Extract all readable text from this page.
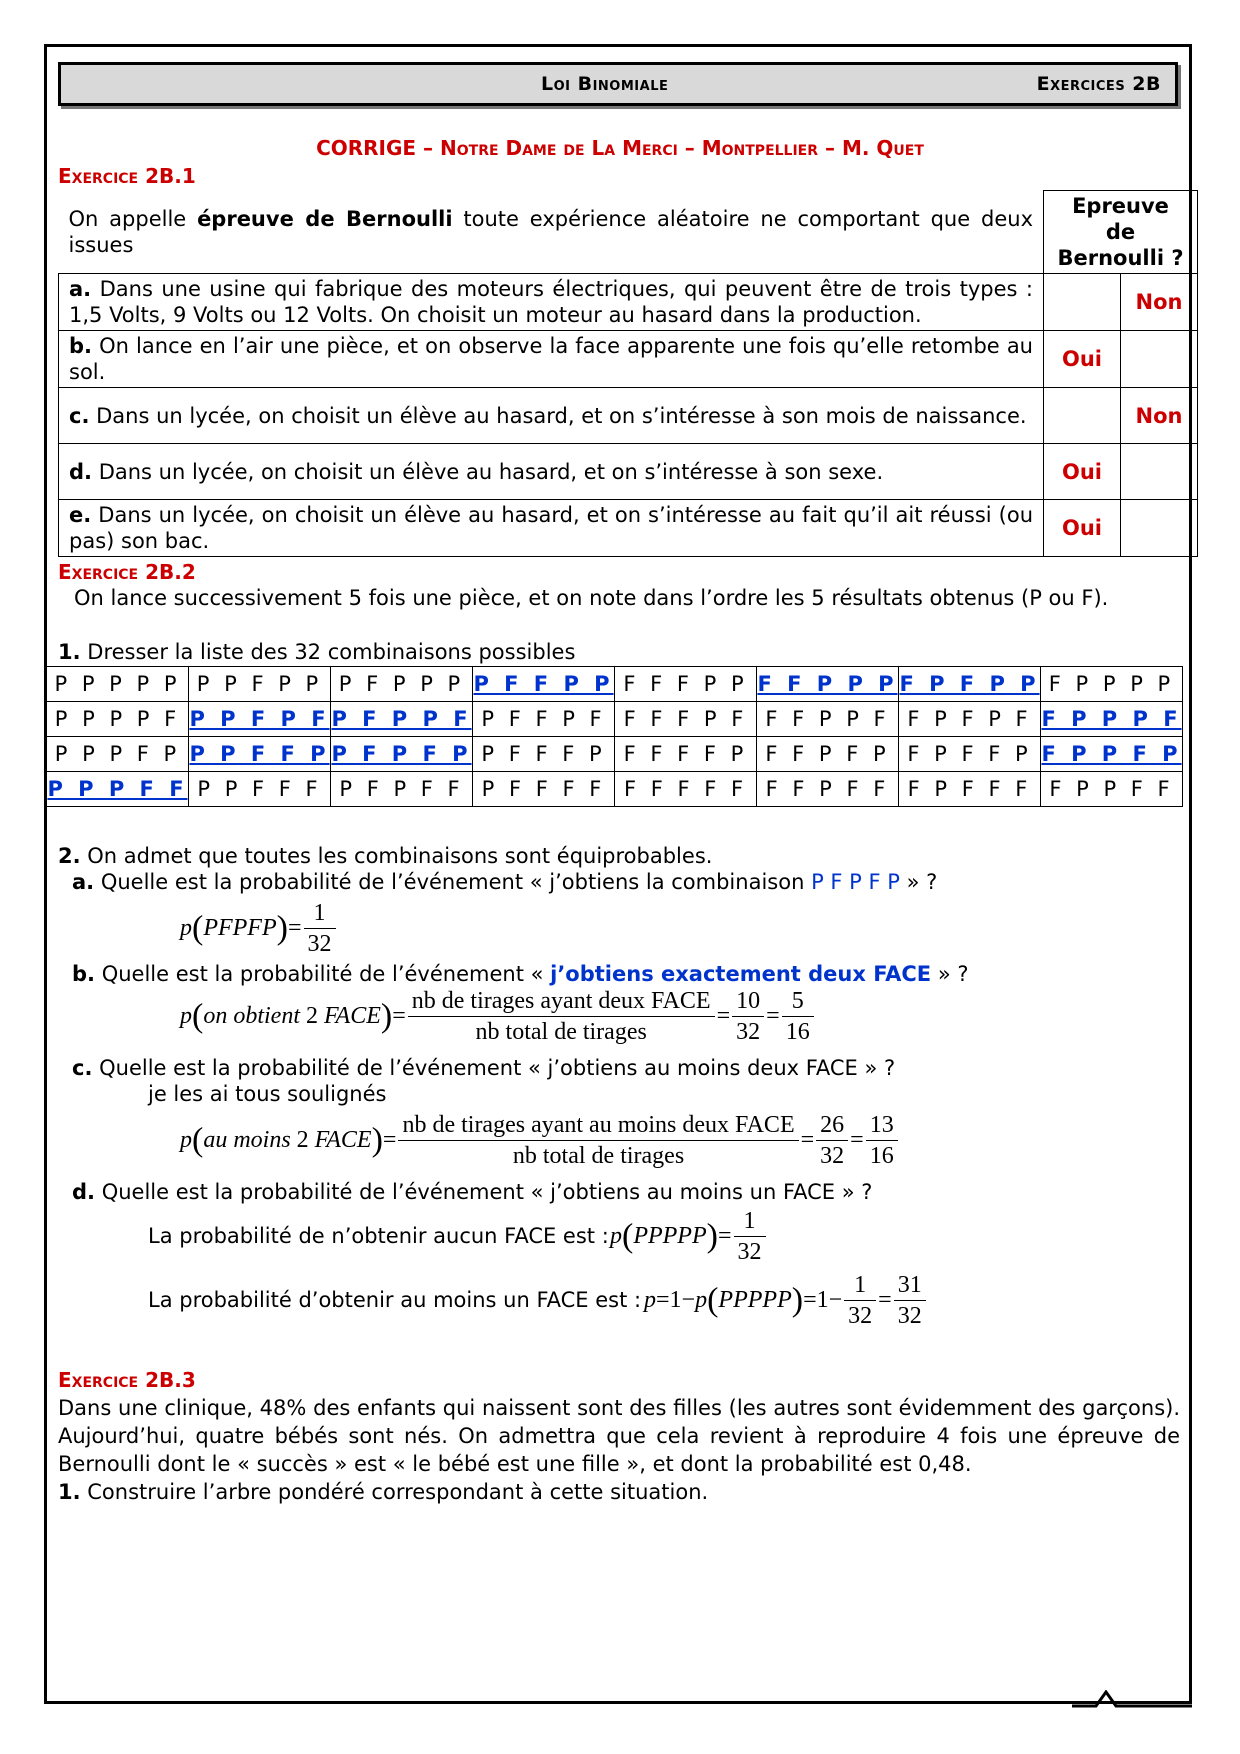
Loi Binomiale	Exercices 2B
CORRIGE – Notre Dame de La Merci – Montpellier – M. Quet
Exercice 2B.1
On appelle épreuve de Bernoulli toute expérience aléatoire ne comportant que deux issues	Epreuve de Bernoulli ?	
a. Dans une usine qui fabrique des moteurs électriques, qui peuvent être de trois types : 1,5 Volts, 9 Volts ou 12 Volts. On choisit un moteur au hasard dans la production.		Non
b. On lance en l’air une pièce, et on observe la face apparente une fois qu’elle retombe au sol.	Oui	
c. Dans un lycée, on choisit un élève au hasard, et on s’intéresse à son mois de naissance.		Non
d. Dans un lycée, on choisit un élève au hasard, et on s’intéresse à son sexe.	Oui	
e. Dans un lycée, on choisit un élève au hasard, et on s’intéresse au fait qu’il ait réussi (ou pas) son bac.	Oui	
Exercice 2B.2
On lance successivement 5 fois une pièce, et on note dans l’ordre les 5 résultats obtenus (P ou F).
1. Dresser la liste des 32 combinaisons possibles
P P P P P	P P F P P	P F P P P	P F F P P	F F F P P	F F P P P	F P F P P	F P P P P
P P P P F	P P F P F	P F P P F	P F F P F	F F F P F	F F P P F	F P F P F	F P P P F
P P P F P	P P F F P	P F P F P	P F F F P	F F F F P	F F P F P	F P F F P	F P P F P
P P P F F	P P F F F	P F P F F	P F F F F	F F F F F	F F P F F	F P F F F	F P P F F
2. On admet que toutes les combinaisons sont équiprobables.
a. Quelle est la probabilité de l’événement « j’obtiens la combinaison P F P F P » ?
p(PFPFP)= $\frac{1}{32}$
b. Quelle est la probabilité de l’événement « j’obtiens exactement deux FACE » ?
p(on obtient 2 FACE)=
nb de tirages ayant deux FACE
nb total de tirages
= $\frac{10}{32} = \frac{5}{16}$
c. Quelle est la probabilité de l’événement « j’obtiens au moins deux FACE » ?
je les ai tous soulignés
p(au moins 2 FACE)=
nb de tirages ayant au moins deux FACE
nb total de tirages
= $\frac{26}{32} = \frac{13}{16}$
d. Quelle est la probabilité de l’événement « j’obtiens au moins un FACE » ?
La probabilité de n’obtenir aucun FACE est : p(PPPPP)= $\frac{1}{32}$
La probabilité d’obtenir au moins un FACE est : p=1−p(PPPPP)=1− $\frac{1}{32} = \frac{31}{32}$
Exercice 2B.3
Dans une clinique, 48% des enfants qui naissent sont des filles (les autres sont évidemment des garçons). Aujourd’hui, quatre bébés sont nés. On admettra que cela revient à reproduire 4 fois une épreuve de Bernoulli dont le « succès » est « le bébé est une fille », et dont la probabilité est 0,48.
1. Construire l’arbre pondéré correspondant à cette situation.
